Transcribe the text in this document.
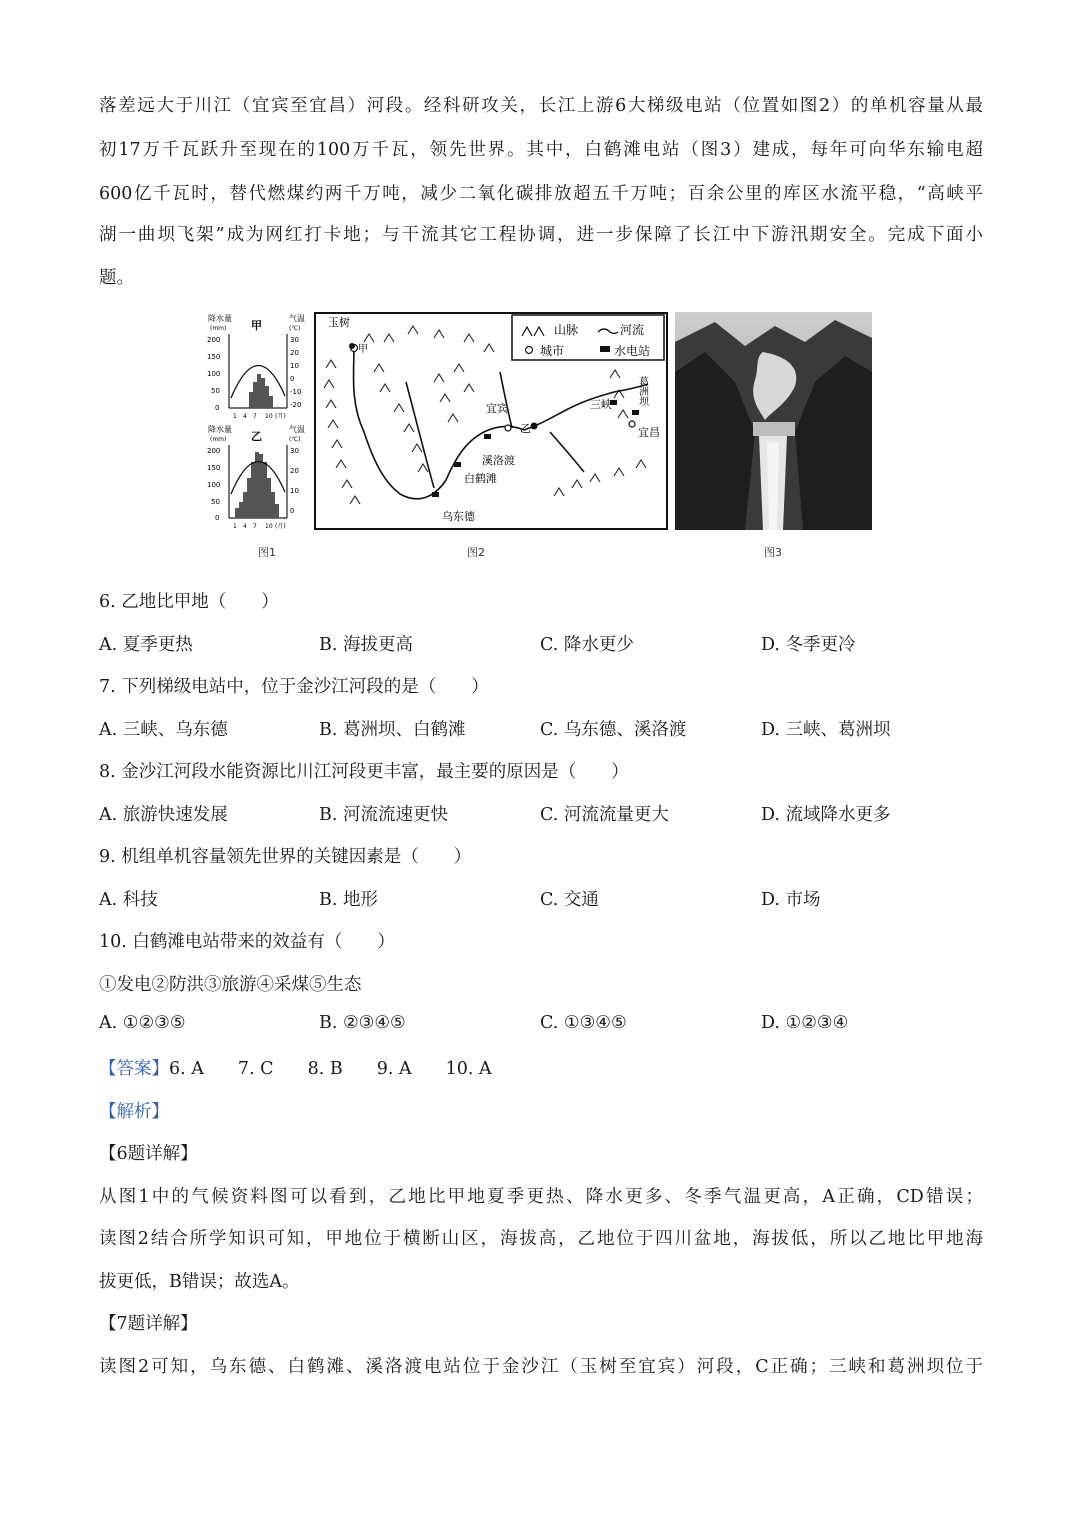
落差远大于川江（宜宾至宜昌）河段。经科研攻关，长江上游6大梯级电站（位置如图2）的单机容量从最
初17万千瓦跃升至现在的100万千瓦，领先世界。其中，白鹤滩电站（图3）建成，每年可向华东输电超
600亿千瓦时，替代燃煤约两千万吨，减少二氧化碳排放超五千万吨；百余公里的库区水流平稳，“高峡平
湖一曲坝飞架”成为网红打卡地；与干流其它工程协调，进一步保障了长江中下游汛期安全。完成下面小
题。
降水量
(mm) 甲
气温
(℃)
200
150
100
50
0
30
20
10
0
-10
-20
1 4 7 10 (月)
降水量
(mm) 乙
气温
(℃)
200
150
100
50
0
30
20
10
0
1 4 7 10 (月)
图1
山脉	河流
城市	水电站
玉树
甲
宜宾
乙	宜昌
溪洛渡
白鹤滩
乌东德
三峡 葛洲坝
图2	图3
6. 乙地比甲地（　　）
A. 夏季更热	B. 海拔更高	C. 降水更少	D. 冬季更冷
7. 下列梯级电站中，位于金沙江河段的是（　　）
A. 三峡、乌东德	B. 葛洲坝、白鹤滩	C. 乌东德、溪洛渡	D. 三峡、葛洲坝
8. 金沙江河段水能资源比川江河段更丰富，最主要的原因是（　　）
A. 旅游快速发展	B. 河流流速更快	C. 河流流量更大	D. 流域降水更多
9. 机组单机容量领先世界的关键因素是（　　）
A. 科技	B. 地形	C. 交通	D. 市场
10. 白鹤滩电站带来的效益有（　　）
①发电②防洪③旅游④采煤⑤生态
A. ①②③⑤	B. ②③④⑤	C. ①③④⑤	D. ①②③④
【答案】6. A 7. C 8. B 9. A 10. A
【解析】
【6题详解】
从图1中的气候资料图可以看到，乙地比甲地夏季更热、降水更多、冬季气温更高，A正确，CD错误；
读图2结合所学知识可知，甲地位于横断山区，海拔高，乙地位于四川盆地，海拔低，所以乙地比甲地海
拔更低，B错误；故选A。
【7题详解】
读图2可知，乌东德、白鹤滩、溪洛渡电站位于金沙江（玉树至宜宾）河段，C正确；三峡和葛洲坝位于
